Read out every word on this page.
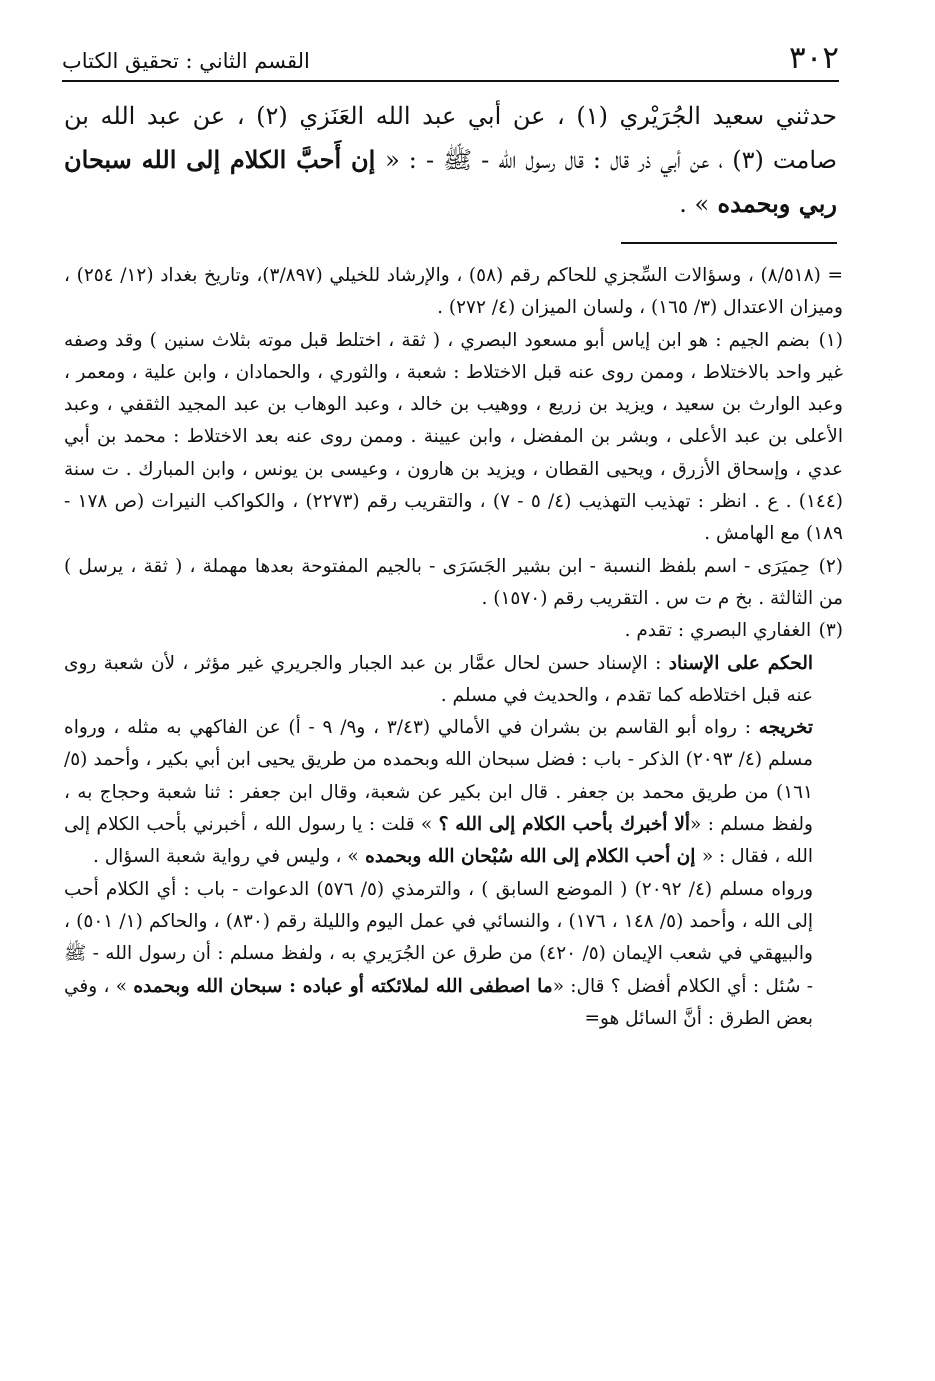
٣٠٢
القسم الثاني : تحقيق الكتاب

حدثني سعيد الجُرَيْري (١) ، عن أبي عبد الله العَنَزي (٢) ، عن عبد الله بن صامت (٣) ، عن أبي ذر قال : قال رسول الله - ﷺ - : « إن أَحبَّ الكلام إلى الله سبحان ربي وبحمده » .

= (٨/٥١٨) ، وسؤالات السِّجزي للحاكم رقم (٥٨) ، والإرشاد للخيلي (٣/٨٩٧)، وتاريخ بغداد (١٢/ ٢٥٤) ، وميزان الاعتدال (٣/ ١٦٥) ، ولسان الميزان (٤/ ٢٧٢) .

(١) بضم الجيم : هو ابن إياس أبو مسعود البصري ، ( ثقة ، اختلط قبل موته بثلاث سنين ) وقد وصفه غير واحد بالاختلاط ، وممن روى عنه قبل الاختلاط : شعبة ، والثوري ، والحمادان ، وابن علية ، ومعمر ، وعبد الوارث بن سعيد ، ويزيد بن زريع ، ووهيب بن خالد ، وعبد الوهاب بن عبد المجيد الثقفي ، وعبد الأعلى بن عبد الأعلى ، وبشر بن المفضل ، وابن عيينة . وممن روى عنه بعد الاختلاط : محمد بن أبي عدي ، وإسحاق الأزرق ، ويحيى القطان ، ويزيد بن هارون ، وعيسى بن يونس ، وابن المبارك . ت سنة (١٤٤) . ع . انظر : تهذيب التهذيب (٤/ ٥ - ٧) ، والتقريب رقم (٢٢٧٣) ، والكواكب النيرات (ص ١٧٨ - ١٨٩) مع الهامش .

(٢) حِميَرَى - اسم بلفظ النسبة - ابن بشير الجَسَرَى - بالجيم المفتوحة بعدها مهملة ، ( ثقة ، يرسل ) من الثالثة . بخ م ت س . التقريب رقم (١٥٧٠) .

(٣) الغفاري البصري : تقدم .

الحكم على الإسناد : الإسناد حسن لحال عمَّار بن عبد الجبار والجريري غير مؤثر ، لأن شعبة روى عنه قبل اختلاطه كما تقدم ، والحديث في مسلم .

تخريجه : رواه أبو القاسم بن بشران في الأمالي (٣/٤٣ ، و٩/ ٩ - أ) عن الفاكهي به مثله ، ورواه مسلم (٤/ ٢٠٩٣) الذكر - باب : فضل سبحان الله وبحمده من طريق يحيى ابن أبي بكير ، وأحمد (٥/ ١٦١) من طريق محمد بن جعفر . قال ابن بكير عن شعبة، وقال ابن جعفر : ثنا شعبة وحجاج به ، ولفظ مسلم : «ألا أخبرك بأحب الكلام إلى الله ؟ » قلت : يا رسول الله ، أخبرني بأحب الكلام إلى الله ، فقال : « إن أحب الكلام إلى الله سُبْحان الله وبحمده » ، وليس في رواية شعبة السؤال .

ورواه مسلم (٤/ ٢٠٩٢) ( الموضع السابق ) ، والترمذي (٥/ ٥٧٦) الدعوات - باب : أي الكلام أحب إلى الله ، وأحمد (٥/ ١٤٨ ، ١٧٦) ، والنسائي في عمل اليوم والليلة رقم (٨٣٠) ، والحاكم (١/ ٥٠١) ، والبيهقي في شعب الإيمان (٥/ ٤٢٠) من طرق عن الجُرَيري به ، ولفظ مسلم : أن رسول الله - ﷺ - سُئل : أي الكلام أفضل ؟ قال: «ما اصطفى الله لملائكته أو عباده : سبحان الله وبحمده » ، وفي بعض الطرق : أنَّ السائل هو=
